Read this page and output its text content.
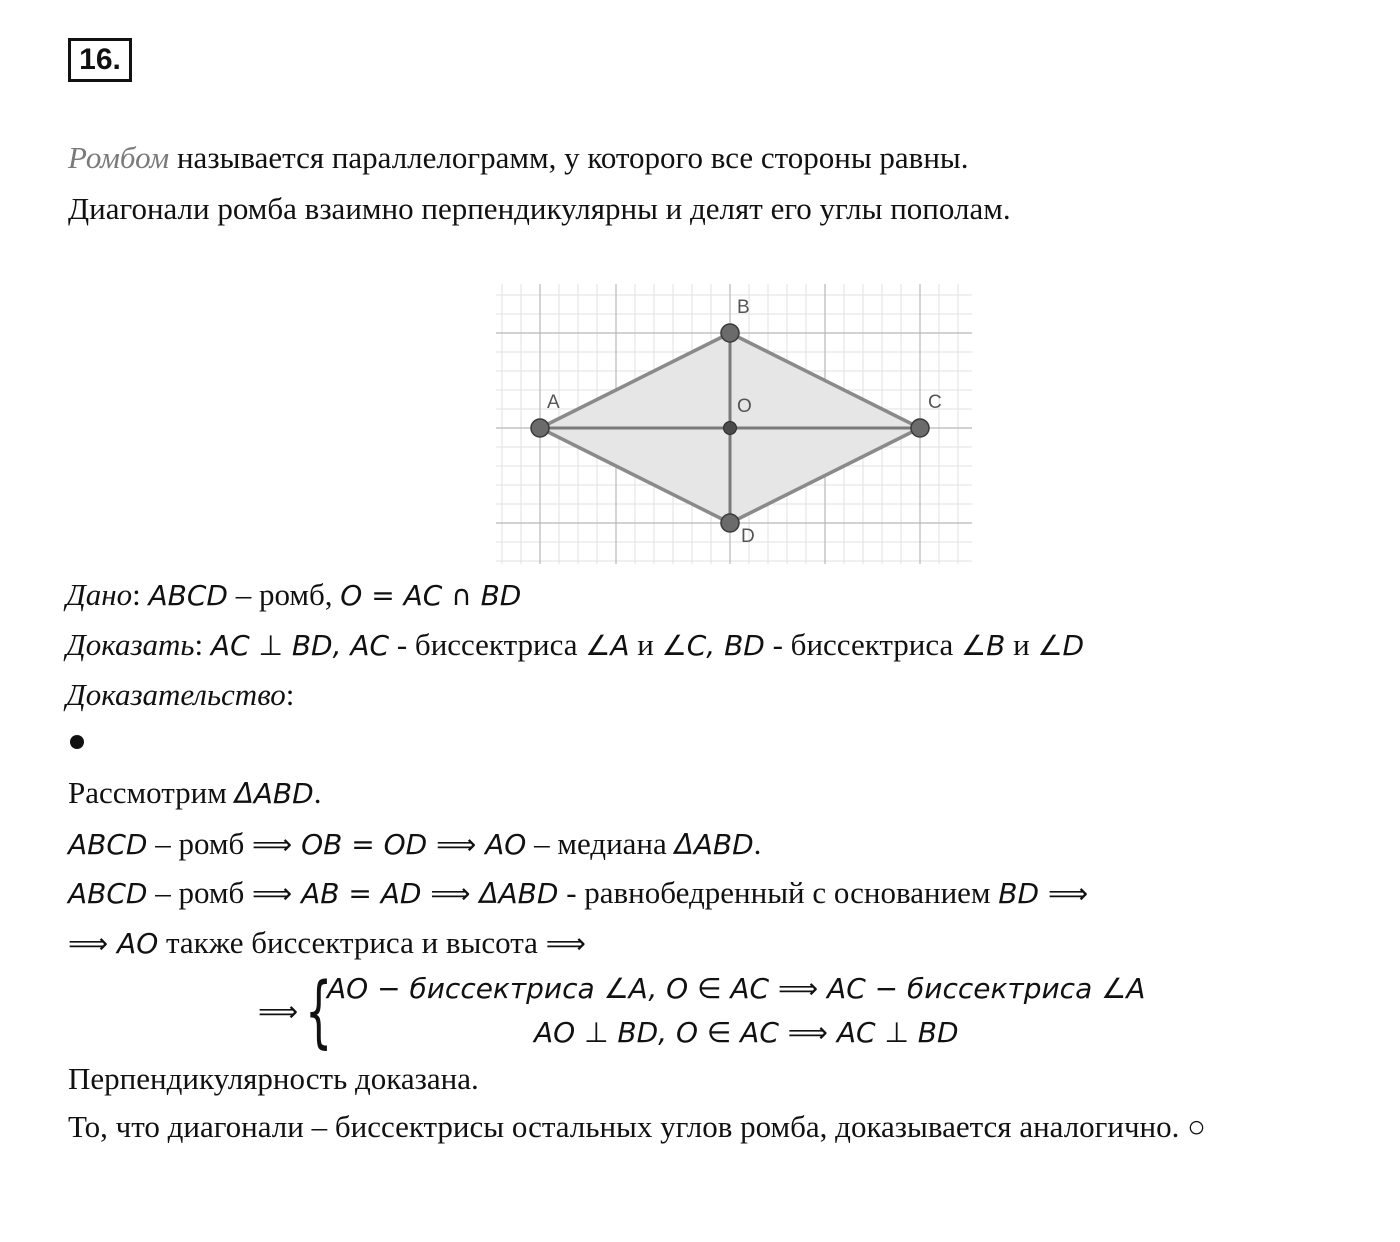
16.
Ромбом называется параллелограмм, у которого все стороны равны.
Диагонали ромба взаимно перпендикулярны и делят его углы пополам.
A
B
C
D
O
Дано: ABCD – ромб, O = AC ∩ BD
Доказать: AC ⊥ BD, AC - биссектриса ∠A и ∠C, BD - биссектриса ∠B и ∠D
Доказательство:
Рассмотрим ΔABD.
ABCD – ромб ⟹ OB = OD ⟹ AO – медиана ΔABD.
ABCD – ромб ⟹ AB = AD ⟹ ΔABD - равнобедренный с основанием BD ⟹
⟹ AO также биссектриса и высота ⟹
⟹ {
AO − биссектриса ∠A, O ∈ AC ⟹ AC − биссектриса ∠A
AO ⊥ BD, O ∈ AC ⟹ AC ⊥ BD
Перпендикулярность доказана.
То, что диагонали – биссектрисы остальных углов ромба, доказывается аналогично. ○
